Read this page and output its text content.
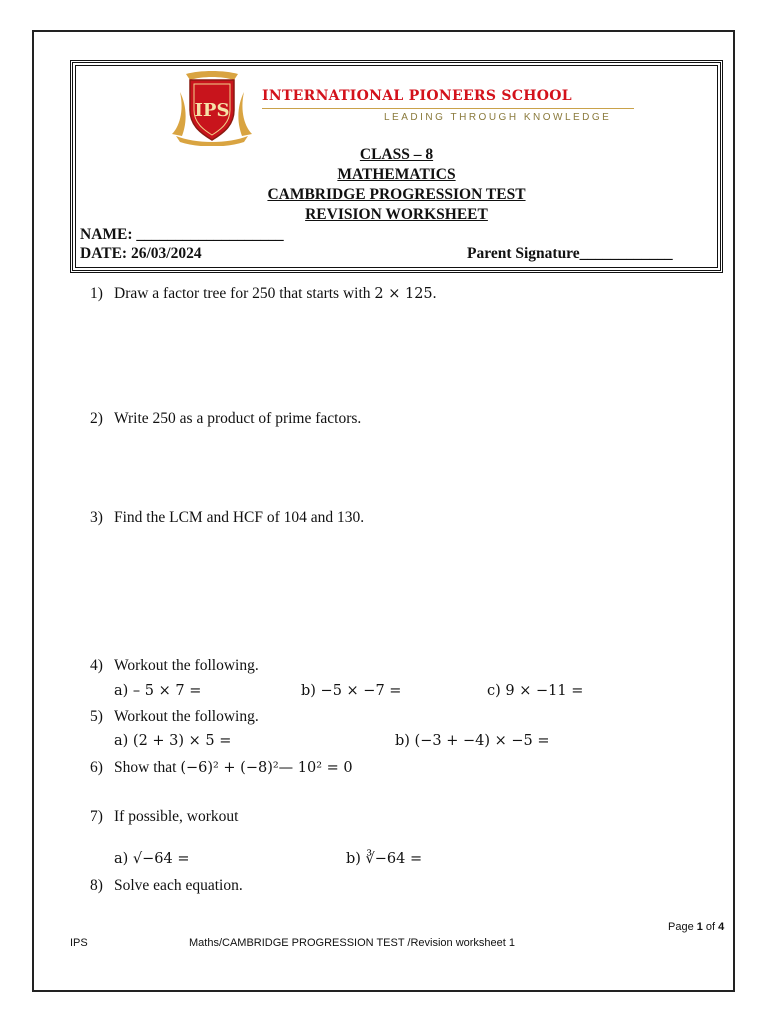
IPS
INTERNATIONAL PIONEERS SCHOOL
LEADING THROUGH KNOWLEDGE
CLASS – 8
MATHEMATICS
CAMBRIDGE PROGRESSION TEST
REVISION WORKSHEET
NAME: ___________________
DATE: 26/03/2024	Parent Signature____________
1) Draw a factor tree for 250 that starts with 2 × 125.
2) Write 250 as a product of prime factors.
3) Find the LCM and HCF of 104 and 130.
4) Workout the following.
a) – 5 × 7 =	b) −5 × −7 =	c) 9 × −11 =
5) Workout the following.
a) (2 + 3) × 5 =	b) (−3 + −4) × −5 =
6) Show that (−6)² + (−8)²— 10² = 0
7) If possible, workout
a) √−64 =	b) ∛−64 =
8) Solve each equation.
Page 1 of 4
IPS	Maths/CAMBRIDGE PROGRESSION TEST /Revision worksheet 1
